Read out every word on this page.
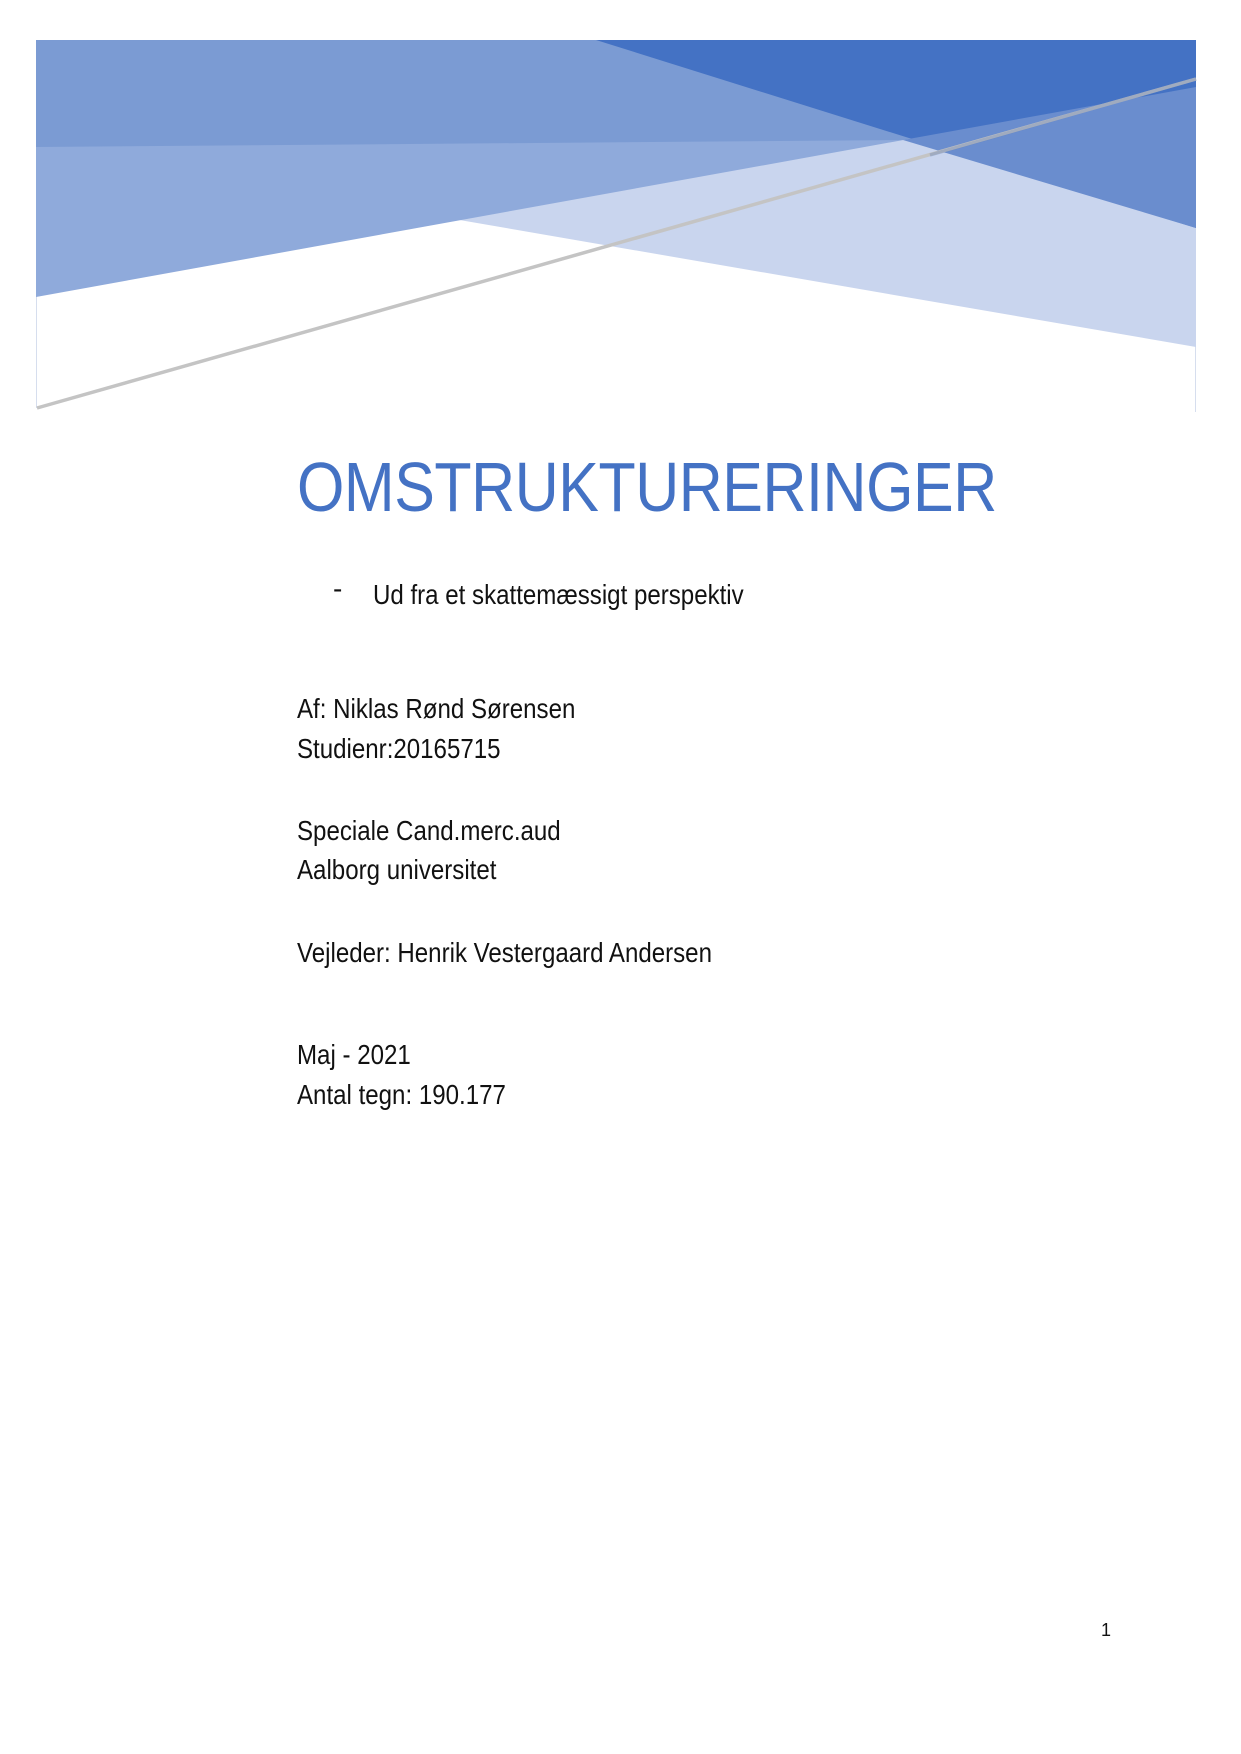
OMSTRUKTURERINGER
- Ud fra et skattemæssigt perspektiv
Af: Niklas Rønd Sørensen
Studienr:20165715
Speciale Cand.merc.aud
Aalborg universitet
Vejleder: Henrik Vestergaard Andersen
Maj - 2021
Antal tegn: 190.177
1
